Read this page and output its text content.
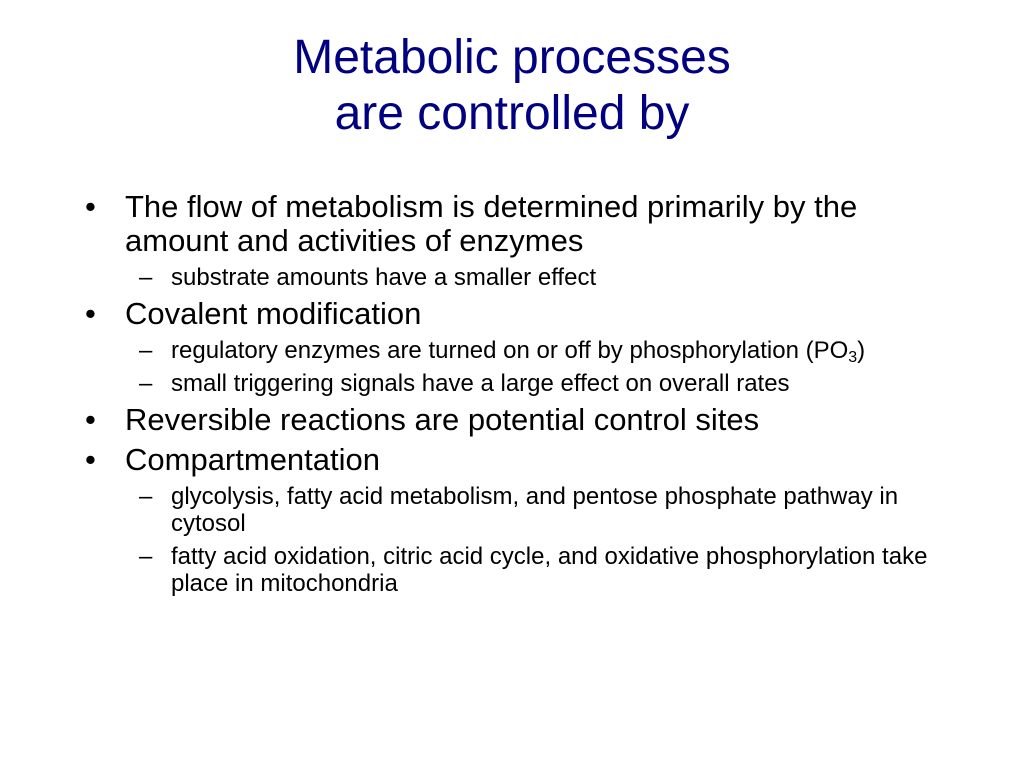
Metabolic processes
are controlled by
• The flow of metabolism is determined primarily by the amount and activities of enzymes
– substrate amounts have a smaller effect
• Covalent modification
– regulatory enzymes are turned on or off by phosphorylation $(PO_3)$
– small triggering signals have a large effect on overall rates
• Reversible reactions are potential control sites
• Compartmentation
– glycolysis, fatty acid metabolism, and pentose phosphate pathway in cytosol
– fatty acid oxidation, citric acid cycle, and oxidative phosphorylation take place in mitochondria
